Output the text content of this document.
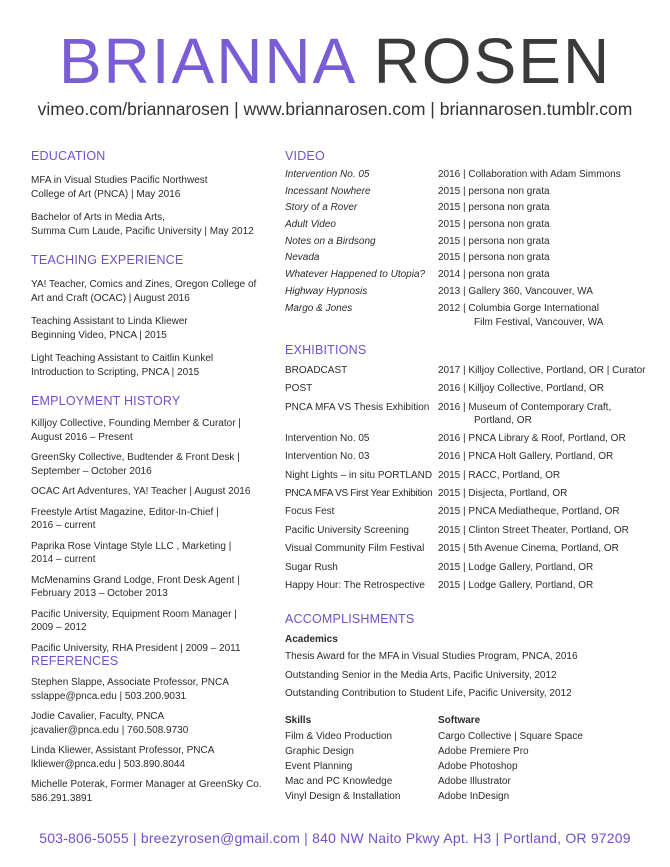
BRIANNA ROSEN
vimeo.com/briannarosen | www.briannarosen.com | briannarosen.tumblr.com
EDUCATION
MFA in Visual Studies Pacific Northwest
College of Art (PNCA) | May 2016
Bachelor of Arts in Media Arts,
Summa Cum Laude, Pacific University | May 2012
TEACHING EXPERIENCE
YA! Teacher, Comics and Zines, Oregon College of
Art and Craft (OCAC) | August 2016
Teaching Assistant to Linda Kliewer
Beginning Video, PNCA | 2015
Light Teaching Assistant to Caitlin Kunkel
Introduction to Scripting, PNCA | 2015
EMPLOYMENT HISTORY
Killjoy Collective, Founding Member & Curator |
August 2016 – Present
GreenSky Collective, Budtender & Front Desk |
September – October 2016
OCAC Art Adventures, YA! Teacher | August 2016
Freestyle Artist Magazine, Editor-In-Chief |
2016 – current
Paprika Rose Vintage Style LLC , Marketing |
2014 – current
McMenamins Grand Lodge, Front Desk Agent |
February 2013 – October 2013
Pacific University, Equipment Room Manager |
2009 – 2012
Pacific University, RHA President | 2009 – 2011
REFERENCES
Stephen Slappe, Associate Professor, PNCA
sslappe@pnca.edu | 503.200.9031
Jodie Cavalier, Faculty, PNCA
jcavalier@pnca.edu | 760.508.9730
Linda Kliewer, Assistant Professor, PNCA
lkliewer@pnca.edu | 503.890.8044
Michelle Poterak, Former Manager at GreenSky Co.
586.291.3891
VIDEO
Intervention No. 05	2016 | Collaboration with Adam Simmons
Incessant Nowhere	2015 | persona non grata
Story of a Rover	2015 | persona non grata
Adult Video	2015 | persona non grata
Notes on a Birdsong	2015 | persona non grata
Nevada	2015 | persona non grata
Whatever Happened to Utopia? 2014 | persona non grata
Highway Hypnosis	2013 | Gallery 360, Vancouver, WA
Margo & Jones	2012 | Columbia Gorge International
Film Festival, Vancouver, WA
EXHIBITIONS
BROADCAST	2017 | Killjoy Collective, Portland, OR | Curator
POST	2016 | Killjoy Collective, Portland, OR
PNCA MFA VS Thesis Exhibition 2016 | Museum of Contemporary Craft,
Portland, OR
Intervention No. 05	2016 | PNCA Library & Roof, Portland, OR
Intervention No. 03	2016 | PNCA Holt Gallery, Portland, OR
Night Lights – in situ PORTLAND 2015 | RACC, Portland, OR
PNCA MFA VS First Year Exhibition 2015 | Disjecta, Portland, OR
Focus Fest	2015 | PNCA Mediatheque, Portland, OR
Pacific University Screening	2015 | Clinton Street Theater, Portland, OR
Visual Community Film Festival 2015 | 5th Avenue Cinema, Portland, OR
Sugar Rush	2015 | Lodge Gallery, Portland, OR
Happy Hour: The Retrospective 2015 | Lodge Gallery, Portland, OR
ACCOMPLISHMENTS
Academics
Thesis Award for the MFA in Visual Studies Program, PNCA, 2016
Outstanding Senior in the Media Arts, Pacific University, 2012
Outstanding Contribution to Student Life, Pacific University, 2012
Skills
Film & Video Production
Graphic Design
Event Planning
Mac and PC Knowledge
Vinyl Design & Installation
Software
Cargo Collective | Square Space
Adobe Premiere Pro
Adobe Photoshop
Adobe Illustrator
Adobe InDesign
503-806-5055 | breezyrosen@gmail.com | 840 NW Naito Pkwy Apt. H3 | Portland, OR 97209
